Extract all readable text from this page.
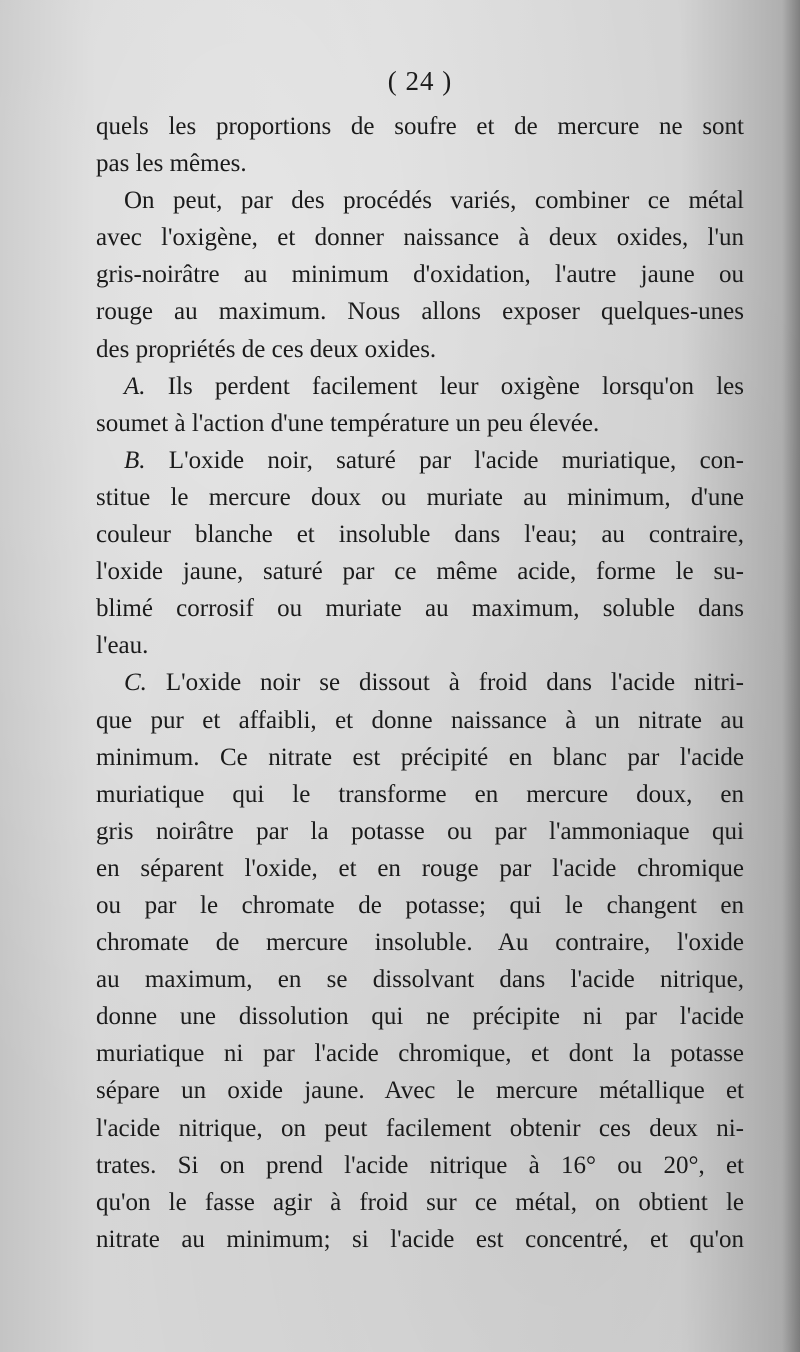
( 24 )
quels les proportions de soufre et de mercure ne sont
pas les mêmes.
On peut, par des procédés variés, combiner ce métal
avec l'oxigène, et donner naissance à deux oxides, l'un
gris-noirâtre au minimum d'oxidation, l'autre jaune ou
rouge au maximum. Nous allons exposer quelques-unes
des propriétés de ces deux oxides.
A. Ils perdent facilement leur oxigène lorsqu'on les
soumet à l'action d'une température un peu élevée.
B. L'oxide noir, saturé par l'acide muriatique, con-
stitue le mercure doux ou muriate au minimum, d'une
couleur blanche et insoluble dans l'eau; au contraire,
l'oxide jaune, saturé par ce même acide, forme le su-
blimé corrosif ou muriate au maximum, soluble dans
l'eau.
C. L'oxide noir se dissout à froid dans l'acide nitri-
que pur et affaibli, et donne naissance à un nitrate au
minimum. Ce nitrate est précipité en blanc par l'acide
muriatique qui le transforme en mercure doux, en
gris noirâtre par la potasse ou par l'ammoniaque qui
en séparent l'oxide, et en rouge par l'acide chromique
ou par le chromate de potasse; qui le changent en
chromate de mercure insoluble. Au contraire, l'oxide
au maximum, en se dissolvant dans l'acide nitrique,
donne une dissolution qui ne précipite ni par l'acide
muriatique ni par l'acide chromique, et dont la potasse
sépare un oxide jaune. Avec le mercure métallique et
l'acide nitrique, on peut facilement obtenir ces deux ni-
trates. Si on prend l'acide nitrique à 16° ou 20°, et
qu'on le fasse agir à froid sur ce métal, on obtient le
nitrate au minimum; si l'acide est concentré, et qu'on
